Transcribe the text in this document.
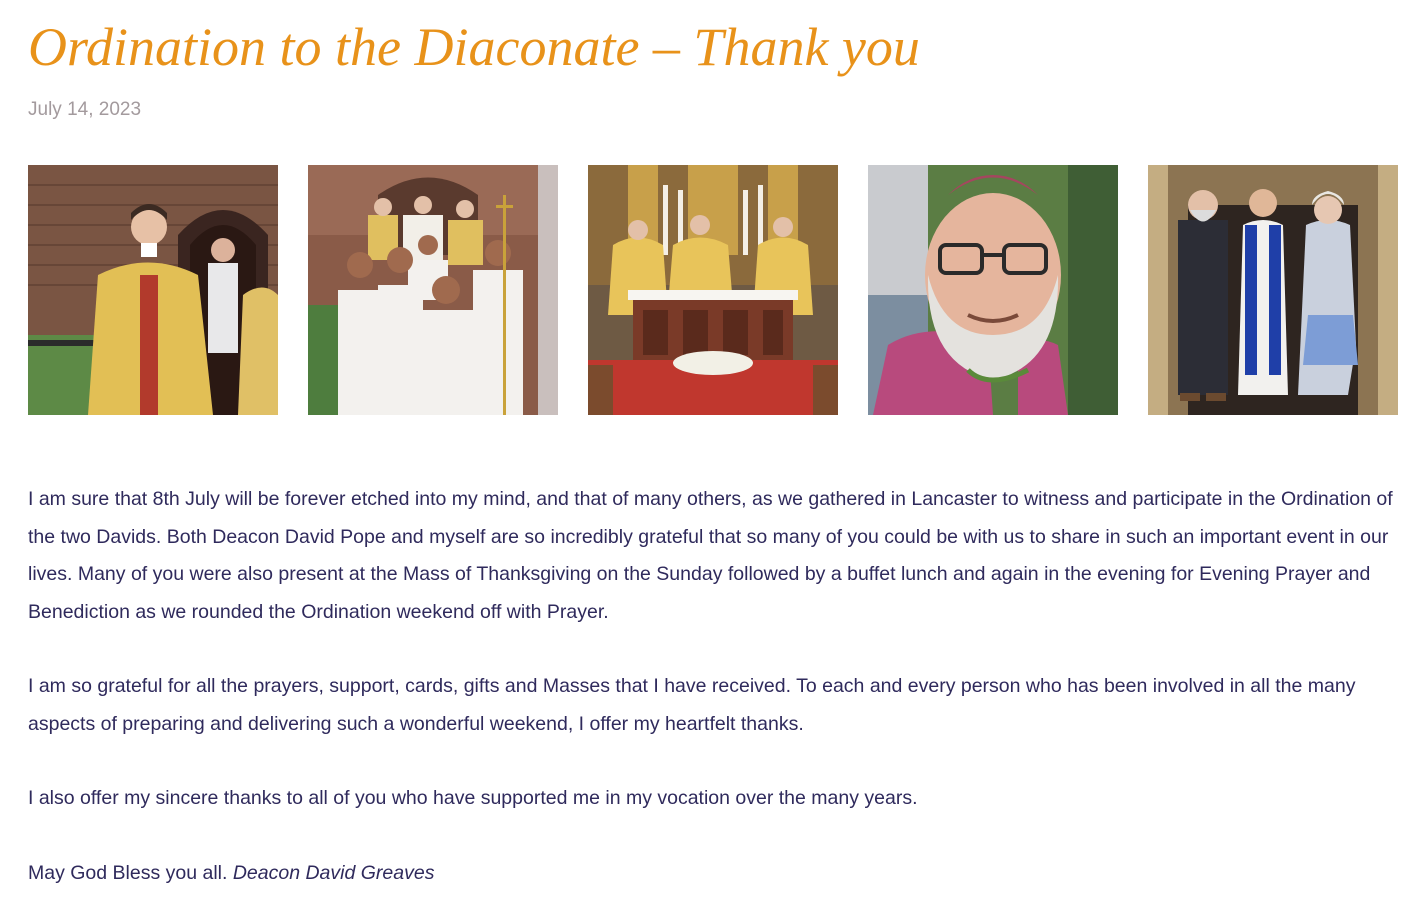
Ordination to the Diaconate – Thank you
July 14, 2023

I am sure that 8th July will be forever etched into my mind, and that of many others, as we gathered in Lancaster to witness and participate in the Ordination of the two Davids. Both Deacon David Pope and myself are so incredibly grateful that so many of you could be with us to share in such an important event in our lives. Many of you were also present at the Mass of Thanksgiving on the Sunday followed by a buffet lunch and again in the evening for Evening Prayer and Benediction as we rounded the Ordination weekend off with Prayer.

I am so grateful for all the prayers, support, cards, gifts and Masses that I have received. To each and every person who has been involved in all the many aspects of preparing and delivering such a wonderful weekend, I offer my heartfelt thanks.

I also offer my sincere thanks to all of you who have supported me in my vocation over the many years.

May God Bless you all. Deacon David Greaves
